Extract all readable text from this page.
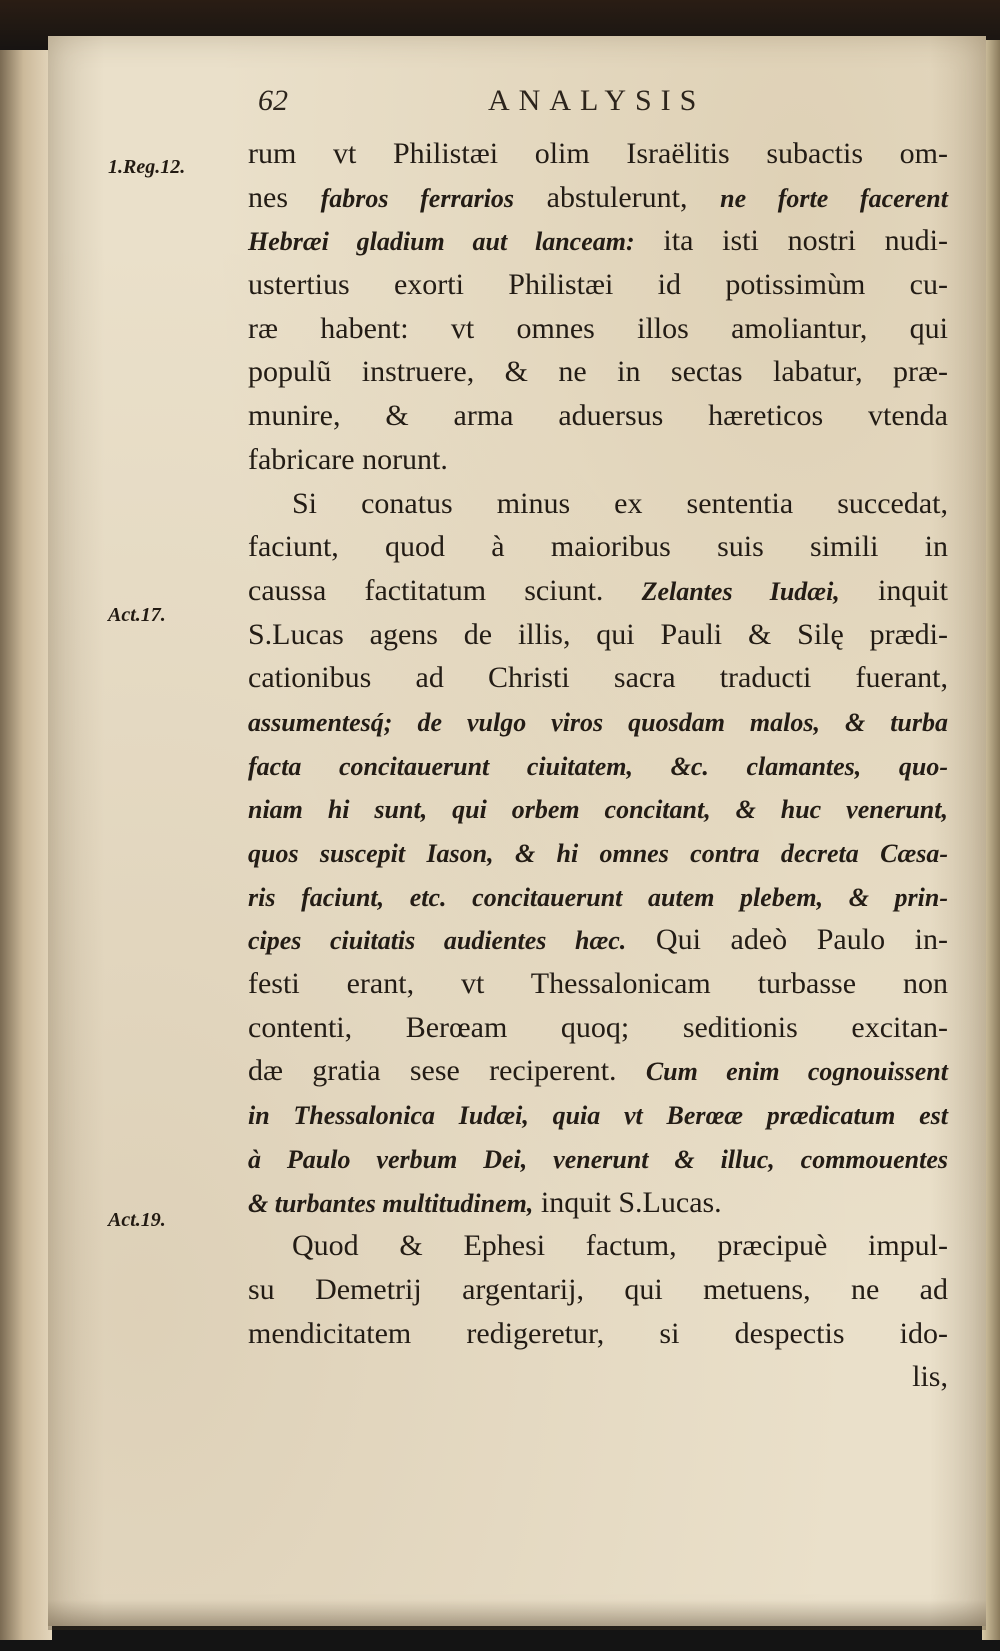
62	ANALYSIS
1.Reg.12.
Act.17.
Act.19.
rum vt Philistæi olim Israëlitis subactis om-
nes fabros ferrarios abstulerunt, ne forte facerent
Hebræi gladium aut lanceam: ita isti nostri nudi-
ustertius exorti Philistæi id potissimùm cu-
ræ habent: vt omnes illos amoliantur, qui
populũ instruere, & ne in sectas labatur, præ-
munire, & arma aduersus hæreticos vtenda
fabricare norunt.
Si conatus minus ex sententia succedat,
faciunt, quod à maioribus suis simili in
caussa factitatum sciunt. Zelantes Iudæi, inquit
S.Lucas agens de illis, qui Pauli & Silę prædi-
cationibus ad Christi sacra traducti fuerant,
assumentesq́; de vulgo viros quosdam malos, & turba
facta concitauerunt ciuitatem, &c. clamantes, quo-
niam hi sunt, qui orbem concitant, & huc venerunt,
quos suscepit Iason, & hi omnes contra decreta Cæsa-
ris faciunt, etc. concitauerunt autem plebem, & prin-
cipes ciuitatis audientes hæc. Qui adeò Paulo in-
festi erant, vt Thessalonicam turbasse non
contenti, Berœam quoq; seditionis excitan-
dæ gratia sese reciperent. Cum enim cognouissent
in Thessalonica Iudæi, quia vt Berœæ prædicatum est
à Paulo verbum Dei, venerunt & illuc, commouentes
& turbantes multitudinem, inquit S.Lucas.
Quod & Ephesi factum, præcipuè impul-
su Demetrij argentarij, qui metuens, ne ad
mendicitatem redigeretur, si despectis ido-
lis,
